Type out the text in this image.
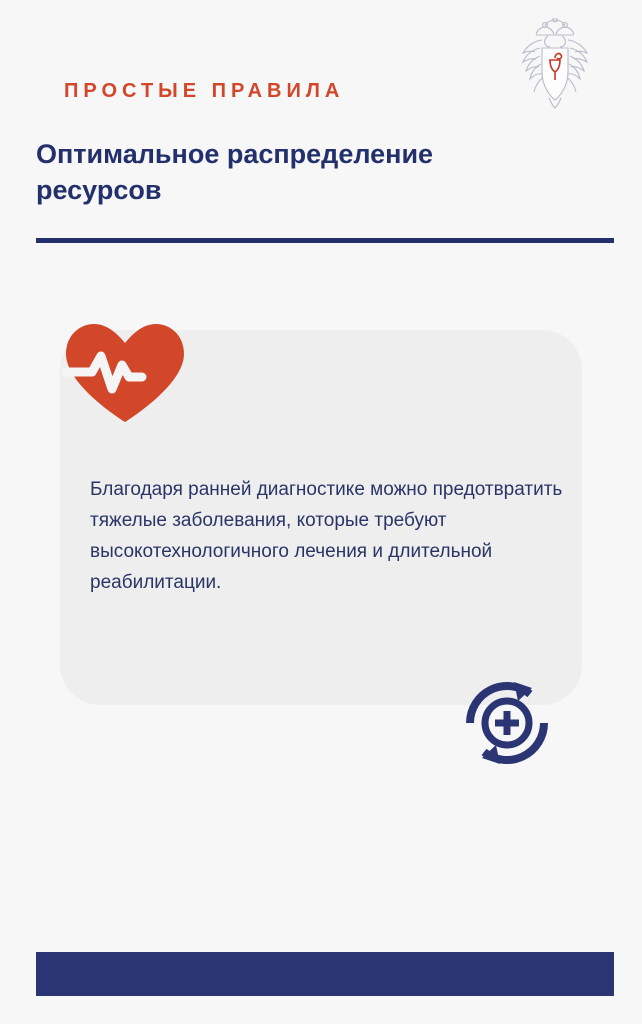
ПРОСТЫЕ ПРАВИЛА
Оптимальное распределение ресурсов
Благодаря ранней диагностике можно предотвратить тяжелые заболевания, которые требуют высокотехнологичного лечения и длительной реабилитации.
